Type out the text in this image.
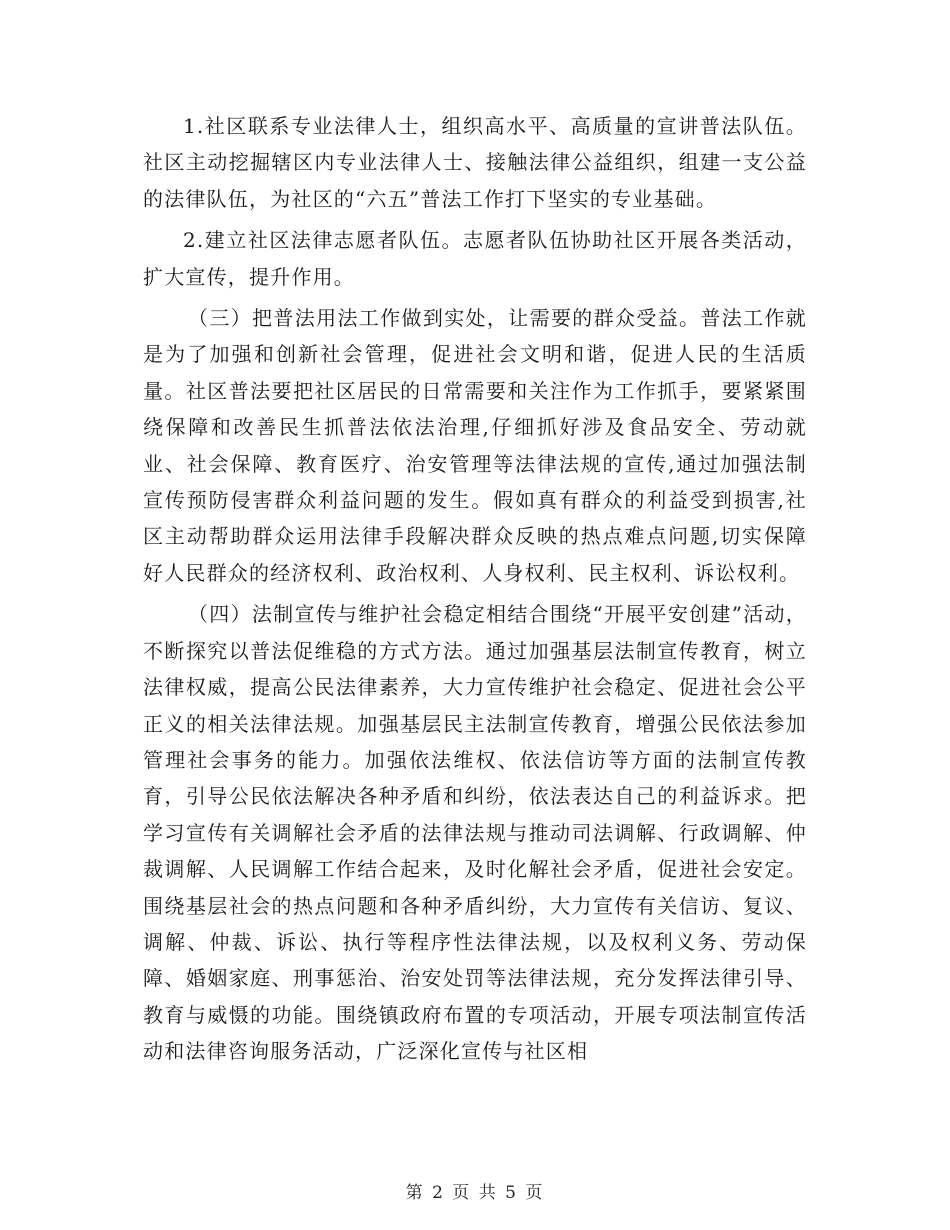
1.社区联系专业法律人士，组织高水平、高质量的宣讲普法队伍。社区主动挖掘辖区内专业法律人士、接触法律公益组织，组建一支公益的法律队伍，为社区的“六五”普法工作打下坚实的专业基础。

2.建立社区法律志愿者队伍。志愿者队伍协助社区开展各类活动，扩大宣传，提升作用。

（三）把普法用法工作做到实处，让需要的群众受益。普法工作就是为了加强和创新社会管理，促进社会文明和谐，促进人民的生活质量。社区普法要把社区居民的日常需要和关注作为工作抓手，要紧紧围绕保障和改善民生抓普法依法治理,仔细抓好涉及食品安全、劳动就业、社会保障、教育医疗、治安管理等法律法规的宣传,通过加强法制宣传预防侵害群众利益问题的发生。假如真有群众的利益受到损害,社区主动帮助群众运用法律手段解决群众反映的热点难点问题,切实保障好人民群众的经济权利、政治权利、人身权利、民主权利、诉讼权利。

（四）法制宣传与维护社会稳定相结合围绕“开展平安创建”活动，不断探究以普法促维稳的方式方法。通过加强基层法制宣传教育，树立法律权威，提高公民法律素养，大力宣传维护社会稳定、促进社会公平正义的相关法律法规。加强基层民主法制宣传教育，增强公民依法参加管理社会事务的能力。加强依法维权、依法信访等方面的法制宣传教育，引导公民依法解决各种矛盾和纠纷，依法表达自己的利益诉求。把学习宣传有关调解社会矛盾的法律法规与推动司法调解、行政调解、仲裁调解、人民调解工作结合起来，及时化解社会矛盾，促进社会安定。围绕基层社会的热点问题和各种矛盾纠纷，大力宣传有关信访、复议、调解、仲裁、诉讼、执行等程序性法律法规，以及权利义务、劳动保障、婚姻家庭、刑事惩治、治安处罚等法律法规，充分发挥法律引导、教育与威慑的功能。围绕镇政府布置的专项活动，开展专项法制宣传活动和法律咨询服务活动，广泛深化宣传与社区相

第 2 页 共 5 页
